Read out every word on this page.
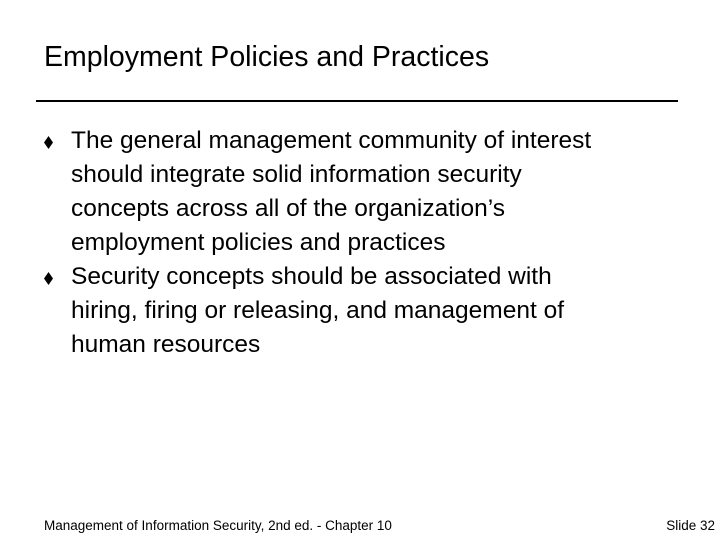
Employment Policies and Practices
The general management community of interest
should integrate solid information security
concepts across all of the organization’s
employment policies and practices
Security concepts should be associated with
hiring, firing or releasing, and management of
human resources
Management of Information Security, 2nd ed. - Chapter 10	Slide 32
